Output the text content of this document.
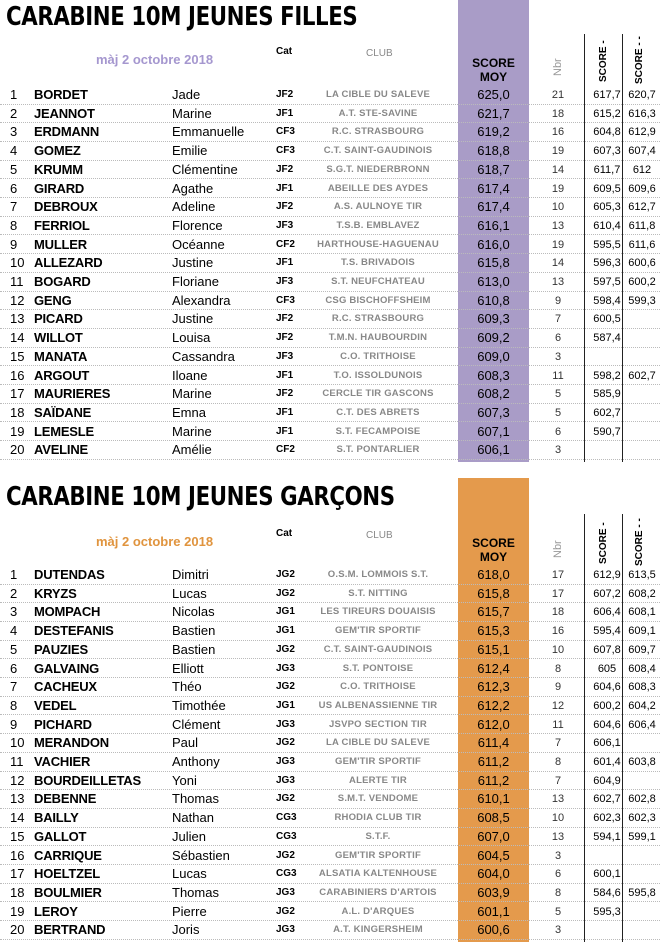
CARABINE 10M JEUNES FILLES
màj 2 octobre 2018
Cat	CLUB
SCORE MOY
Nbr	SCORE -	SCORE - -
1	BORDET	Jade	JF2	LA CIBLE DU SALEVE	625,0	21	617,7 620,7
2	JEANNOT	Marine	JF1	A.T. STE-SAVINE	621,7	18	615,2 616,3
3	ERDMANN	Emmanuelle	CF3	R.C. STRASBOURG	619,2	16	604,8 612,9
4	GOMEZ	Emilie	CF3	C.T. SAINT-GAUDINOIS	618,8	19	607,3 607,4
5	KRUMM	Clémentine	JF2	S.G.T. NIEDERBRONN	618,7	14	611,7	612
6	GIRARD	Agathe	JF1	ABEILLE DES AYDES	617,4	19	609,5 609,6
7	DEBROUX	Adeline	JF2	A.S. AULNOYE TIR	617,4	10	605,3 612,7
8	FERRIOL	Florence	JF3	T.S.B. EMBLAVEZ	616,1	13	610,4 611,8
9	MULLER	Océanne	CF2	HARTHOUSE-HAGUENAU	616,0	19	595,5 611,6
10 ALLEZARD	Justine	JF1	T.S. BRIVADOIS	615,8	14	596,3 600,6
11 BOGARD	Floriane	JF3	S.T. NEUFCHATEAU	613,0	13	597,5 600,2
12 GENG	Alexandra	CF3	CSG BISCHOFFSHEIM	610,8	9	598,4 599,3
13 PICARD	Justine	JF2	R.C. STRASBOURG	609,3	7	600,5
14 WILLOT	Louisa	JF2	T.M.N. HAUBOURDIN	609,2	6	587,4
15 MANATA	Cassandra	JF3	C.O. TRITHOISE	609,0	3
16 ARGOUT	Iloane	JF1	T.O. ISSOLDUNOIS	608,3	11	598,2 602,7
17 MAURIERES	Marine	JF2	CERCLE TIR GASCONS	608,2	5	585,9
18 SAÏDANE	Emna	JF1	C.T. DES ABRETS	607,3	5	602,7
19 LEMESLE	Marine	JF1	S.T. FECAMPOISE	607,1	6	590,7
20 AVELINE	Amélie	CF2	S.T. PONTARLIER	606,1	3
CARABINE 10M JEUNES GARÇONS
màj 2 octobre 2018
Cat	CLUB
SCORE MOY	Nbr	SCORE -	SCORE - -
1	DUTENDAS	Dimitri	JG2	O.S.M. LOMMOIS S.T.	618,0	17	612,9 613,5
2	KRYZS	Lucas	JG2	S.T. NITTING	615,8	17	607,2 608,2
3	MOMPACH	Nicolas	JG1	LES TIREURS DOUAISIS	615,7	18	606,4 608,1
4	DESTEFANIS	Bastien	JG1	GEM'TIR SPORTIF	615,3	16	595,4 609,1
5	PAUZIES	Bastien	JG2	C.T. SAINT-GAUDINOIS	615,1	10	607,8 609,7
6	GALVAING	Elliott	JG3	S.T. PONTOISE	612,4	8	605	608,4
7	CACHEUX	Théo	JG2	C.O. TRITHOISE	612,3	9	604,6 608,3
8	VEDEL	Timothée	JG1	US ALBENASSIENNE TIR	612,2	12	600,2 604,2
9	PICHARD	Clément	JG3	JSVPO SECTION TIR	612,0	11	604,6 606,4
10 MERANDON	Paul	JG2	LA CIBLE DU SALEVE	611,4	7	606,1
11 VACHIER	Anthony	JG3	GEM'TIR SPORTIF	611,2	8	601,4 603,8
12 BOURDEILLETAS Yoni	JG3	ALERTE TIR	611,2	7	604,9
13 DEBENNE	Thomas	JG2	S.M.T. VENDOME	610,1	13	602,7 602,8
14 BAILLY	Nathan	CG3	RHODIA CLUB TIR	608,5	10	602,3 602,3
15 GALLOT	Julien	CG3	S.T.F.	607,0	13	594,1 599,1
16 CARRIQUE	Sébastien	JG2	GEM'TIR SPORTIF	604,5	3
17 HOELTZEL	Lucas	CG3	ALSATIA KALTENHOUSE	604,0	6	600,1
18 BOULMIER	Thomas	JG3	CARABINIERS D'ARTOIS	603,9	8	584,6 595,8
19 LEROY	Pierre	JG2	A.L. D'ARQUES	601,1	5	595,3
20 BERTRAND	Joris	JG3	A.T. KINGERSHEIM	600,6	3
